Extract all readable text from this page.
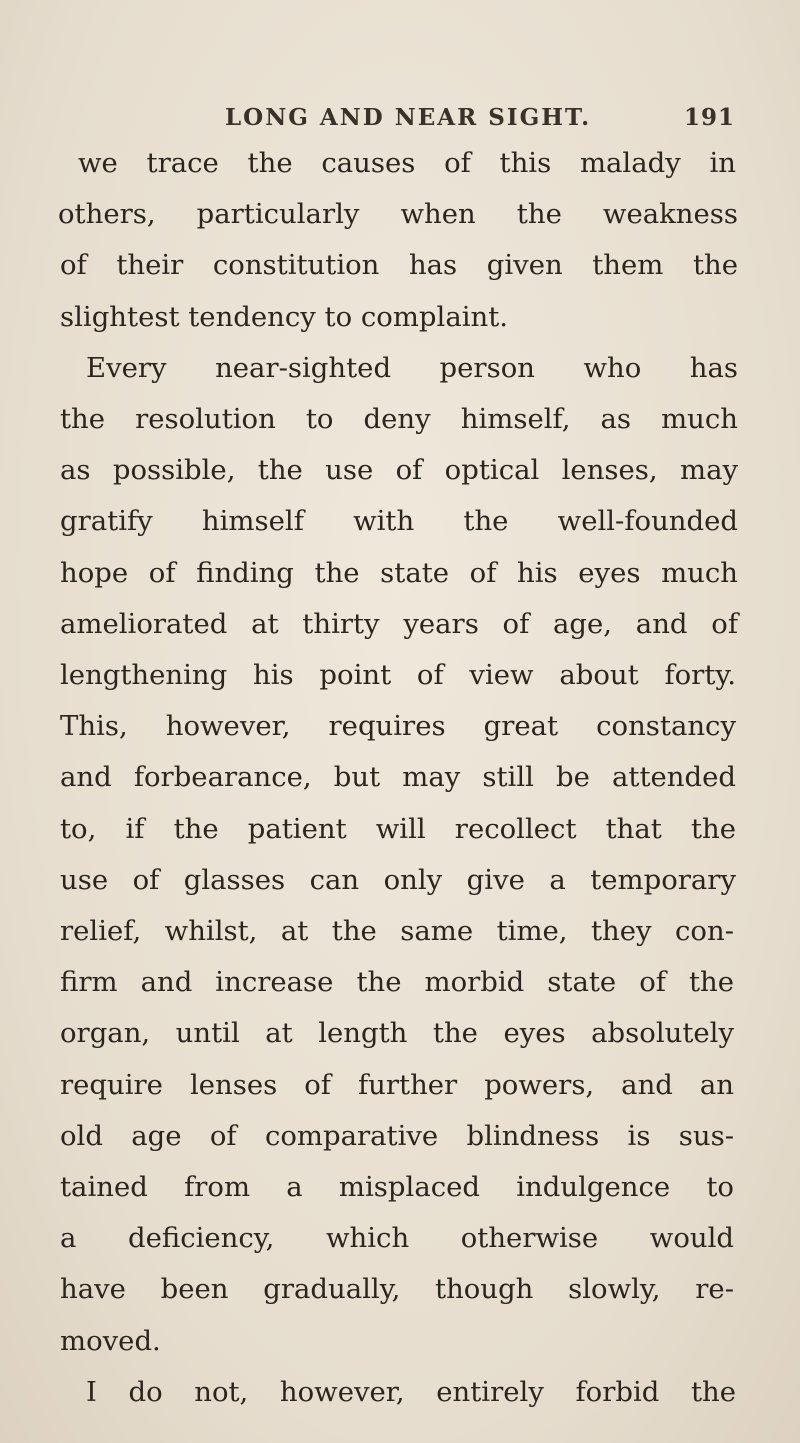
LONG AND NEAR SIGHT.	191
we trace the causes of this malady in
others, particularly when the weakness
of their constitution has given them the
slightest tendency to complaint.
Every near-sighted person who has
the resolution to deny himself, as much
as possible, the use of optical lenses, may
gratify himself with the well-founded
hope of finding the state of his eyes much
ameliorated at thirty years of age, and of
lengthening his point of view about forty.
This, however, requires great constancy
and forbearance, but may still be attended
to, if the patient will recollect that the
use of glasses can only give a temporary
relief, whilst, at the same time, they con-
firm and increase the morbid state of the
organ, until at length the eyes absolutely
require lenses of further powers, and an
old age of comparative blindness is sus-
tained from a misplaced indulgence to
a deficiency, which otherwise would
have been gradually, though slowly, re-
moved.
I do not, however, entirely forbid the
